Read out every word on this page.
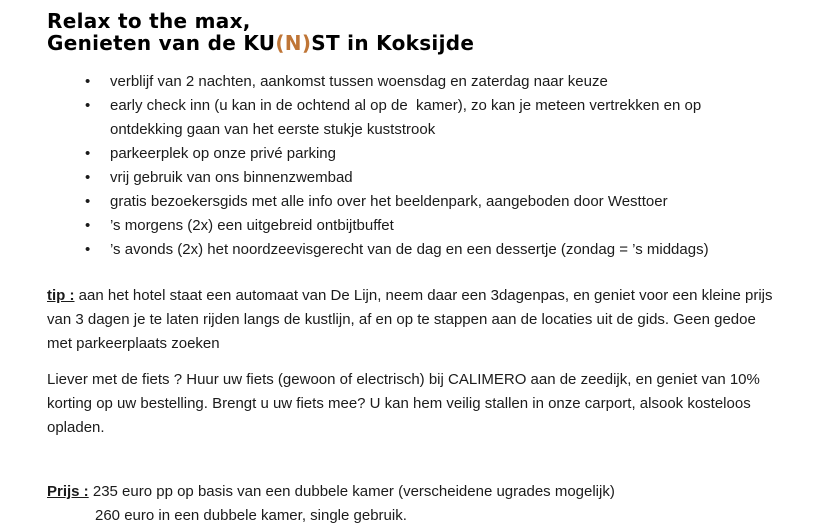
Relax to the max,
Genieten van de KU(N)ST in Koksijde
• verblijf van 2 nachten, aankomst tussen woensdag en zaterdag naar keuze
• early check inn (u kan in de ochtend al op de  kamer), zo kan je meteen vertrekken en op ontdekking gaan van het eerste stukje kuststrook
• parkeerplek op onze privé parking
• vrij gebruik van ons binnenzwembad
• gratis bezoekersgids met alle info over het beeldenpark, aangeboden door Westtoer
• ’s morgens (2x) een uitgebreid ontbijtbuffet
• ’s avonds (2x) het noordzeevisgerecht van de dag en een dessertje (zondag = ’s middags)

tip : aan het hotel staat een automaat van De Lijn, neem daar een 3dagenpas, en geniet voor een kleine prijs van 3 dagen je te laten rijden langs de kustlijn, af en op te stappen aan de locaties uit de gids. Geen gedoe met parkeerplaats zoeken

Liever met de fiets ? Huur uw fiets (gewoon of electrisch) bij CALIMERO aan de zeedijk, en geniet van 10% korting op uw bestelling. Brengt u uw fiets mee? U kan hem veilig stallen in onze carport, alsook kosteloos opladen.

Prijs : 235 euro pp op basis van een dubbele kamer (verscheidene ugrades mogelijk)

260 euro in een dubbele kamer, single gebruik.
